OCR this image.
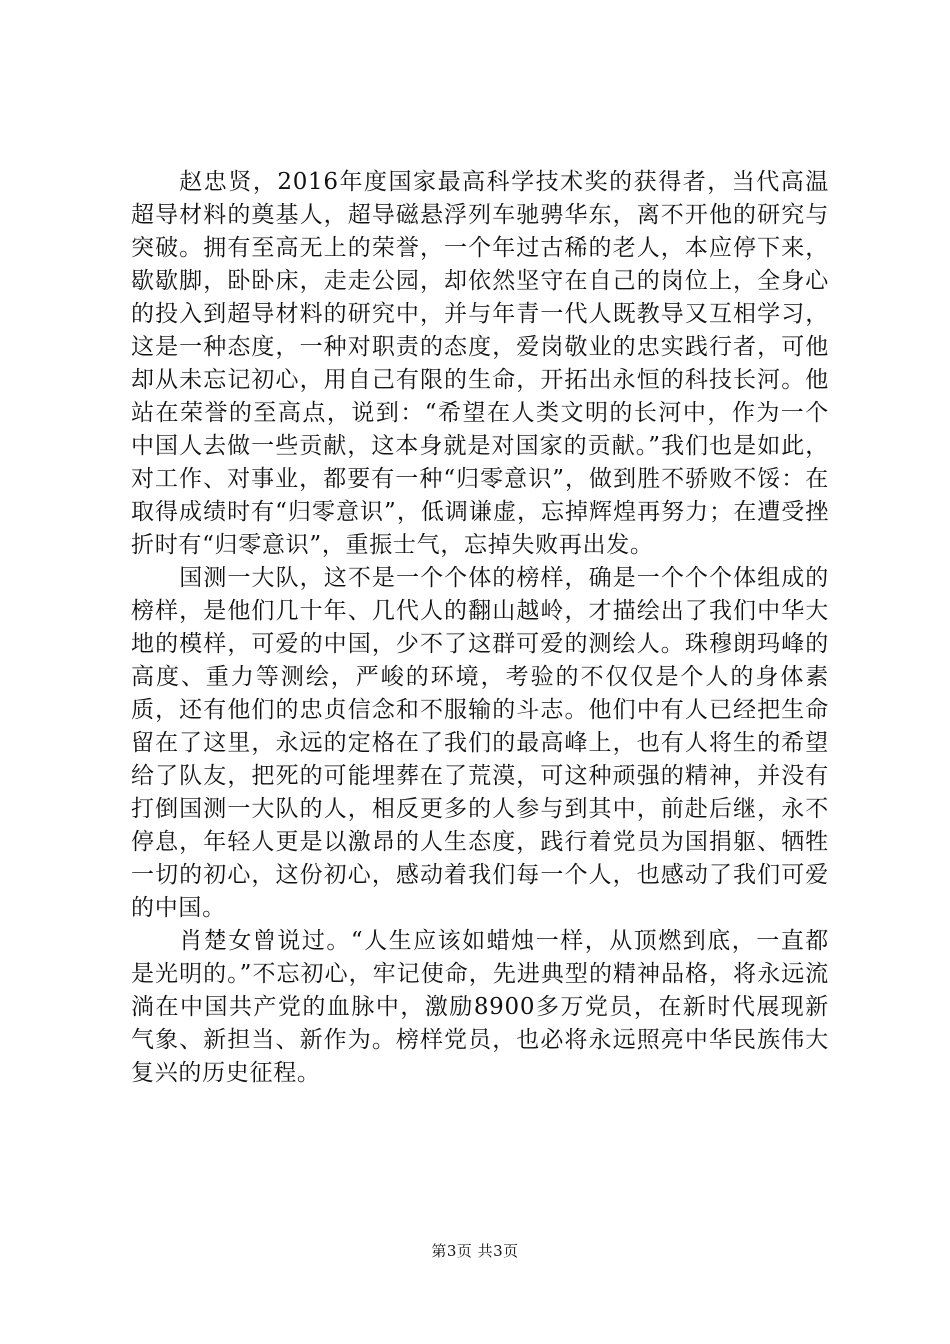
赵忠贤，2016年度国家最高科学技术奖的获得者，当代高温超导材料的奠基人，超导磁悬浮列车驰骋华东，离不开他的研究与突破。拥有至高无上的荣誉，一个年过古稀的老人，本应停下来，歇歇脚，卧卧床，走走公园，却依然坚守在自己的岗位上，全身心的投入到超导材料的研究中，并与年青一代人既教导又互相学习，这是一种态度，一种对职责的态度，爱岗敬业的忠实践行者，可他却从未忘记初心，用自己有限的生命，开拓出永恒的科技长河。他站在荣誉的至高点，说到：“希望在人类文明的长河中，作为一个中国人去做一些贡献，这本身就是对国家的贡献。”我们也是如此，对工作、对事业，都要有一种“归零意识”，做到胜不骄败不馁：在取得成绩时有“归零意识”，低调谦虚，忘掉辉煌再努力；在遭受挫折时有“归零意识”，重振士气，忘掉失败再出发。

国测一大队，这不是一个个体的榜样，确是一个个个体组成的榜样，是他们几十年、几代人的翻山越岭，才描绘出了我们中华大地的模样，可爱的中国，少不了这群可爱的测绘人。珠穆朗玛峰的高度、重力等测绘，严峻的环境，考验的不仅仅是个人的身体素质，还有他们的忠贞信念和不服输的斗志。他们中有人已经把生命留在了这里，永远的定格在了我们的最高峰上，也有人将生的希望给了队友，把死的可能埋葬在了荒漠，可这种顽强的精神，并没有打倒国测一大队的人，相反更多的人参与到其中，前赴后继，永不停息，年轻人更是以激昂的人生态度，践行着党员为国捐躯、牺牲一切的初心，这份初心，感动着我们每一个人，也感动了我们可爱的中国。

肖楚女曾说过。“人生应该如蜡烛一样，从顶燃到底，一直都是光明的。”不忘初心，牢记使命，先进典型的精神品格，将永远流淌在中国共产党的血脉中，激励8900多万党员，在新时代展现新气象、新担当、新作为。榜样党员，也必将永远照亮中华民族伟大复兴的历史征程。

第3页 共3页
